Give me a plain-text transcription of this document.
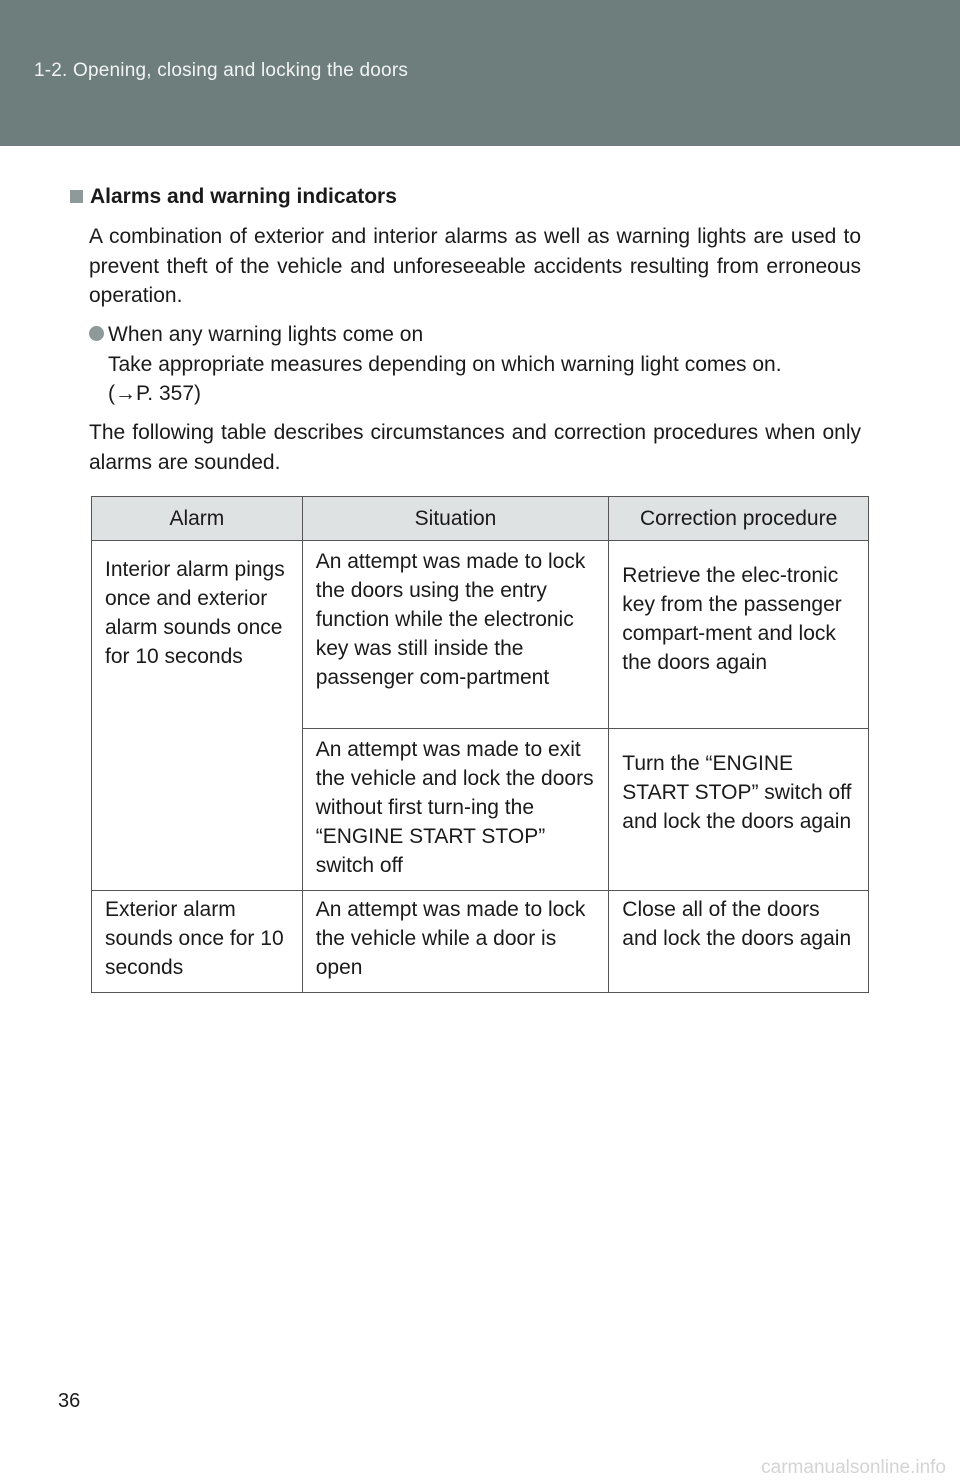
1-2. Opening, closing and locking the doors
Alarms and warning indicators
A combination of exterior and interior alarms as well as warning lights are used to prevent theft of the vehicle and unforeseeable accidents resulting from erroneous operation.
When any warning lights come on
Take appropriate measures depending on which warning light comes on.
(→P. 357)
The following table describes circumstances and correction procedures when only alarms are sounded.
Alarm	Situation	Correction procedure
Interior alarm pings once and exterior alarm sounds once for 10 seconds	An attempt was made to lock the doors using the entry function while the electronic key was still inside the passenger com-partment	Retrieve the elec-tronic key from the passenger compart-ment and lock the doors again
	An attempt was made to exit the vehicle and lock the doors without first turn-ing the “ENGINE START STOP” switch off	Turn the “ENGINE START STOP” switch off and lock the doors again
Exterior alarm sounds once for 10 seconds	An attempt was made to lock the vehicle while a door is open	Close all of the doors and lock the doors again
36
carmanualsonline.info
